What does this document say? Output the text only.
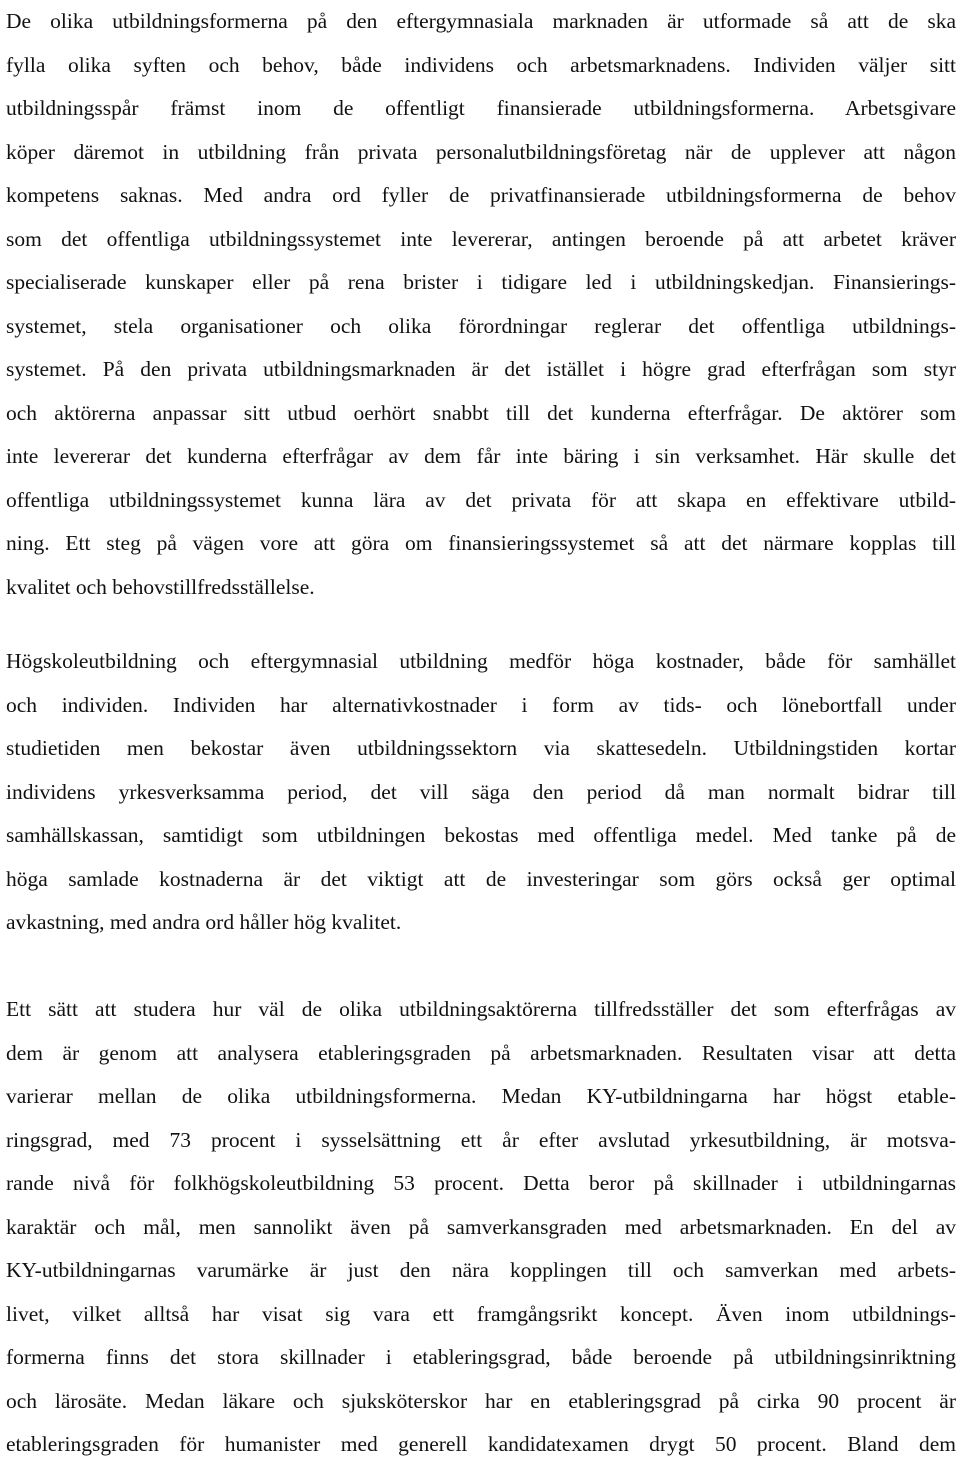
De olika utbildningsformerna på den eftergymnasiala marknaden är utformade så att de ska
fylla olika syften och behov, både individens och arbetsmarknadens. Individen väljer sitt
utbildningsspår främst inom de offentligt finansierade utbildningsformerna. Arbetsgivare
köper däremot in utbildning från privata personalutbildningsföretag när de upplever att någon
kompetens saknas. Med andra ord fyller de privatfinansierade utbildningsformerna de behov
som det offentliga utbildningssystemet inte levererar, antingen beroende på att arbetet kräver
specialiserade kunskaper eller på rena brister i tidigare led i utbildningskedjan. Finansierings-
systemet, stela organisationer och olika förordningar reglerar det offentliga utbildnings-
systemet. På den privata utbildningsmarknaden är det istället i högre grad efterfrågan som styr
och aktörerna anpassar sitt utbud oerhört snabbt till det kunderna efterfrågar. De aktörer som
inte levererar det kunderna efterfrågar av dem får inte bäring i sin verksamhet. Här skulle det
offentliga utbildningssystemet kunna lära av det privata för att skapa en effektivare utbild-
ning. Ett steg på vägen vore att göra om finansieringssystemet så att det närmare kopplas till
kvalitet och behovstillfredsställelse.
Högskoleutbildning och eftergymnasial utbildning medför höga kostnader, både för samhället
och individen. Individen har alternativkostnader i form av tids- och lönebortfall under
studietiden men bekostar även utbildningssektorn via skattesedeln. Utbildningstiden kortar
individens yrkesverksamma period, det vill säga den period då man normalt bidrar till
samhällskassan, samtidigt som utbildningen bekostas med offentliga medel. Med tanke på de
höga samlade kostnaderna är det viktigt att de investeringar som görs också ger optimal
avkastning, med andra ord håller hög kvalitet.
Ett sätt att studera hur väl de olika utbildningsaktörerna tillfredsställer det som efterfrågas av
dem är genom att analysera etableringsgraden på arbetsmarknaden. Resultaten visar att detta
varierar mellan de olika utbildningsformerna. Medan KY-utbildningarna har högst etable-
ringsgrad, med 73 procent i sysselsättning ett år efter avslutad yrkesutbildning, är motsva-
rande nivå för folkhögskoleutbildning 53 procent. Detta beror på skillnader i utbildningarnas
karaktär och mål, men sannolikt även på samverkansgraden med arbetsmarknaden. En del av
KY-utbildningarnas varumärke är just den nära kopplingen till och samverkan med arbets-
livet, vilket alltså har visat sig vara ett framgångsrikt koncept. Även inom utbildnings-
formerna finns det stora skillnader i etableringsgrad, både beroende på utbildningsinriktning
och lärosäte. Medan läkare och sjuksköterskor har en etableringsgrad på cirka 90 procent är
etableringsgraden för humanister med generell kandidatexamen drygt 50 procent. Bland dem
